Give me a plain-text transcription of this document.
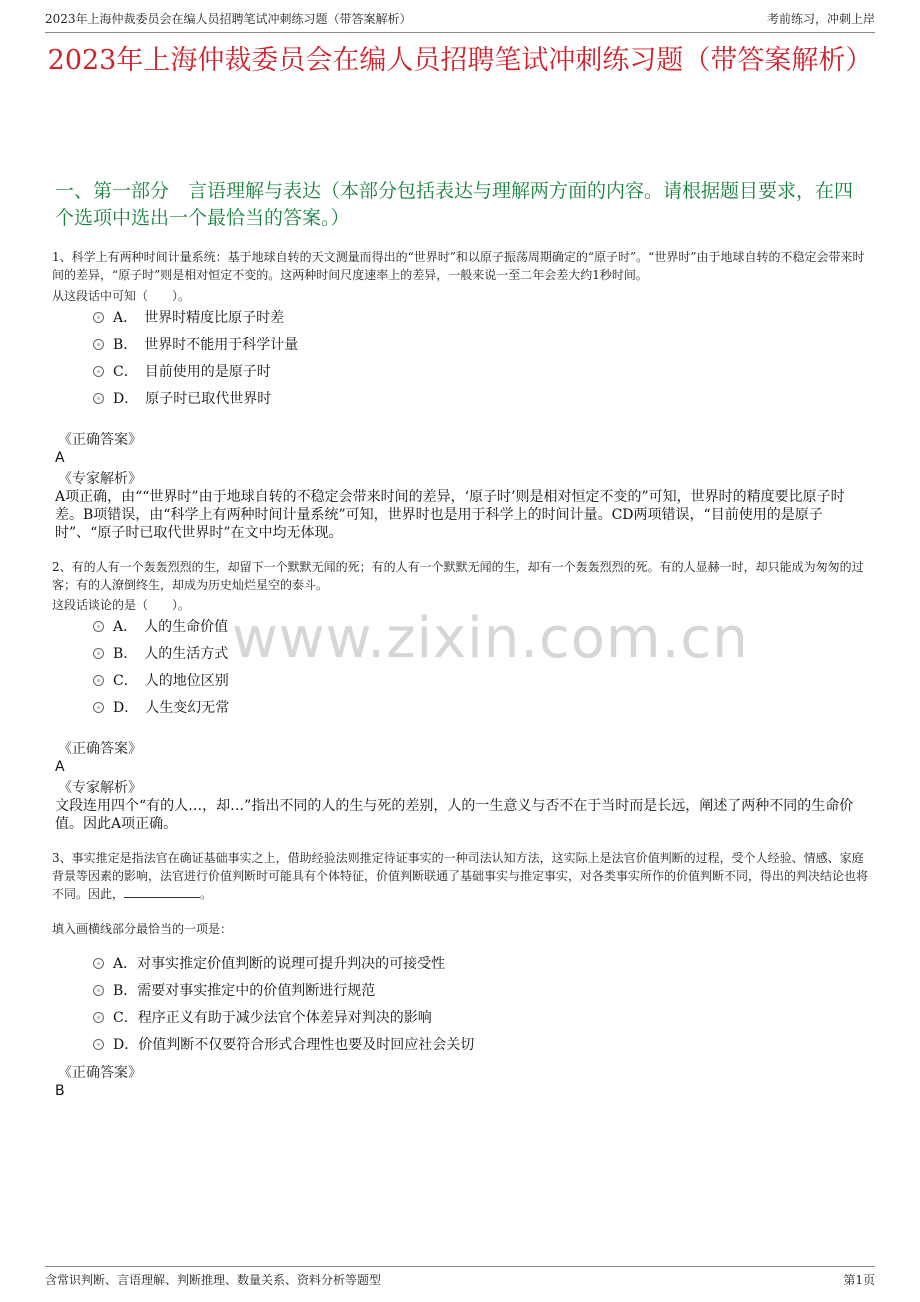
2023年上海仲裁委员会在编人员招聘笔试冲刺练习题（带答案解析）	考前练习，冲刺上岸
2023年上海仲裁委员会在编人员招聘笔试冲刺练习题（带答案解析）
一、第一部分　言语理解与表达（本部分包括表达与理解两方面的内容。请根据题目要求，在四个选项中选出一个最恰当的答案。）
www.zixin.com.cn
1、科学上有两种时间计量系统：基于地球自转的天文测量而得出的“世界时”和以原子振荡周期确定的“原子时”。“世界时”由于地球自转的不稳定会带来时间的差异，“原子时”则是相对恒定不变的。这两种时间尺度速率上的差异，一般来说一至二年会差大约1秒时间。
从这段话中可知（　　）。
A．　世界时精度比原子时差
B．　世界时不能用于科学计量
C．　目前使用的是原子时
D．　原子时已取代世界时
《正确答案》
A
《专家解析》
A项正确，由““世界时”由于地球自转的不稳定会带来时间的差异，‘原子时’则是相对恒定不变的”可知，世界时的精度要比原子时差。B项错误，由“科学上有两种时间计量系统”可知，世界时也是用于科学上的时间计量。CD两项错误，“目前使用的是原子时”、“原子时已取代世界时”在文中均无体现。
2、有的人有一个轰轰烈烈的生，却留下一个默默无闻的死；有的人有一个默默无闻的生，却有一个轰轰烈烈的死。有的人显赫一时，却只能成为匆匆的过客；有的人潦倒终生，却成为历史灿烂星空的泰斗。
这段话谈论的是（　　）。
A．　人的生命价值
B．　人的生活方式
C．　人的地位区别
D．　人生变幻无常
《正确答案》
A
《专家解析》
文段连用四个“有的人…，却…”指出不同的人的生与死的差别，人的一生意义与否不在于当时而是长远，阐述了两种不同的生命价值。因此A项正确。
3、事实推定是指法官在确证基础事实之上，借助经验法则推定待证事实的一种司法认知方法，这实际上是法官价值判断的过程，受个人经验、情感、家庭背景等因素的影响，法官进行价值判断时可能具有个体特征，价值判断联通了基础事实与推定事实，对各类事实所作的价值判断不同，得出的判决结论也将不同。因此，	。
填入画横线部分最恰当的一项是：
A．对事实推定价值判断的说理可提升判决的可接受性
B．需要对事实推定中的价值判断进行规范
C．程序正义有助于减少法官个体差异对判决的影响
D．价值判断不仅要符合形式合理性也要及时回应社会关切
《正确答案》
B
含常识判断、言语理解、判断推理、数量关系、资料分析等题型	第1页
